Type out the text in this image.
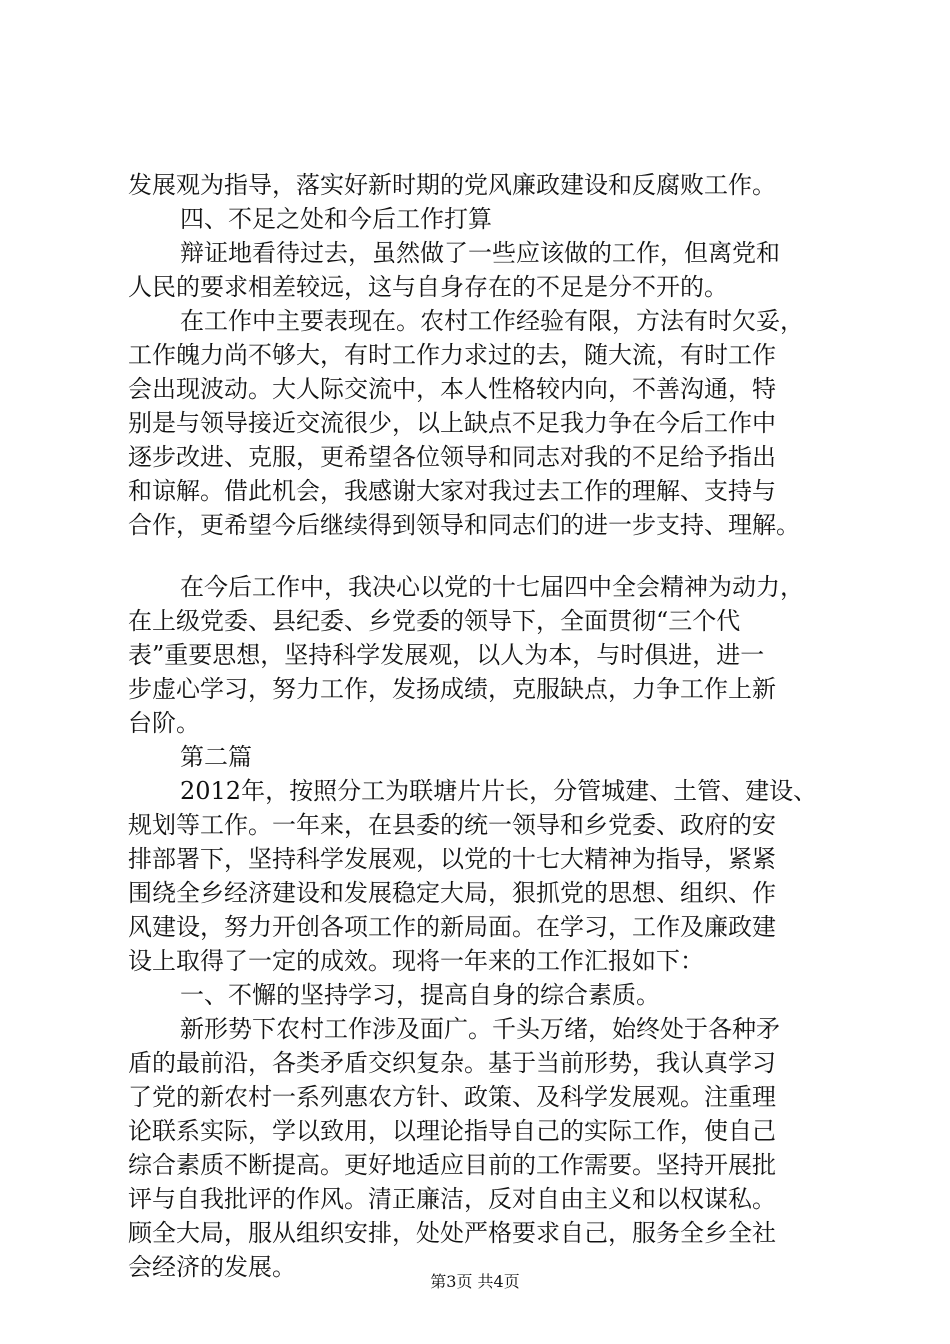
发展观为指导，落实好新时期的党风廉政建设和反腐败工作。
四、不足之处和今后工作打算
辩证地看待过去，虽然做了一些应该做的工作，但离党和
人民的要求相差较远，这与自身存在的不足是分不开的。
在工作中主要表现在。农村工作经验有限，方法有时欠妥，
工作魄力尚不够大，有时工作力求过的去，随大流，有时工作
会出现波动。大人际交流中，本人性格较内向，不善沟通，特
别是与领导接近交流很少，以上缺点不足我力争在今后工作中
逐步改进、克服，更希望各位领导和同志对我的不足给予指出
和谅解。借此机会，我感谢大家对我过去工作的理解、支持与
合作，更希望今后继续得到领导和同志们的进一步支持、理解。
在今后工作中，我决心以党的十七届四中全会精神为动力，
在上级党委、县纪委、乡党委的领导下，全面贯彻“三个代
表”重要思想，坚持科学发展观，以人为本，与时俱进，进一
步虚心学习，努力工作，发扬成绩，克服缺点，力争工作上新
台阶。
第二篇
2012年，按照分工为联塘片片长，分管城建、土管、建设、
规划等工作。一年来，在县委的统一领导和乡党委、政府的安
排部署下，坚持科学发展观，以党的十七大精神为指导，紧紧
围绕全乡经济建设和发展稳定大局，狠抓党的思想、组织、作
风建设，努力开创各项工作的新局面。在学习，工作及廉政建
设上取得了一定的成效。现将一年来的工作汇报如下：
一、不懈的坚持学习，提高自身的综合素质。
新形势下农村工作涉及面广。千头万绪，始终处于各种矛
盾的最前沿，各类矛盾交织复杂。基于当前形势，我认真学习
了党的新农村一系列惠农方针、政策、及科学发展观。注重理
论联系实际，学以致用，以理论指导自己的实际工作，使自己
综合素质不断提高。更好地适应目前的工作需要。坚持开展批
评与自我批评的作风。清正廉洁，反对自由主义和以权谋私。
顾全大局，服从组织安排，处处严格要求自己，服务全乡全社
会经济的发展。
第3页 共4页
